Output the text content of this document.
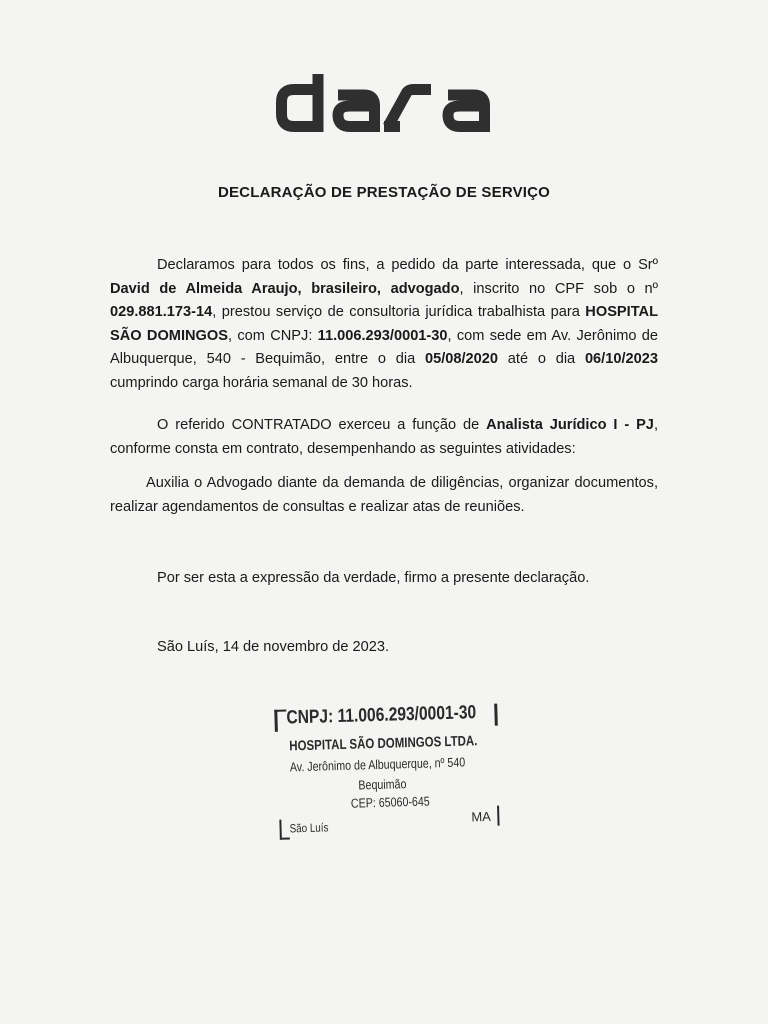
DECLARAÇÃO DE PRESTAÇÃO DE SERVIÇO

Declaramos para todos os fins, a pedido da parte interessada, que o Srº David de Almeida Araujo, brasileiro, advogado, inscrito no CPF sob o nº 029.881.173-14, prestou serviço de consultoria jurídica trabalhista para HOSPITAL SÃO DOMINGOS, com CNPJ: 11.006.293/0001-30, com sede em Av. Jerônimo de Albuquerque, 540 - Bequimão, entre o dia 05/08/2020 até o dia 06/10/2023 cumprindo carga horária semanal de 30 horas.

O referido CONTRATADO exerceu a função de Analista Jurídico I - PJ, conforme consta em contrato, desempenhando as seguintes atividades:

Auxilia o Advogado diante da demanda de diligências, organizar documentos, realizar agendamentos de consultas e realizar atas de reuniões.

Por ser esta a expressão da verdade, firmo a presente declaração.

São Luís, 14 de novembro de 2023.

CNPJ: 11.006.293/0001-30
HOSPITAL SÃO DOMINGOS LTDA.
Av. Jerônimo de Albuquerque, nº 540
Bequimão
CEP: 65060-645
São Luís
MA
